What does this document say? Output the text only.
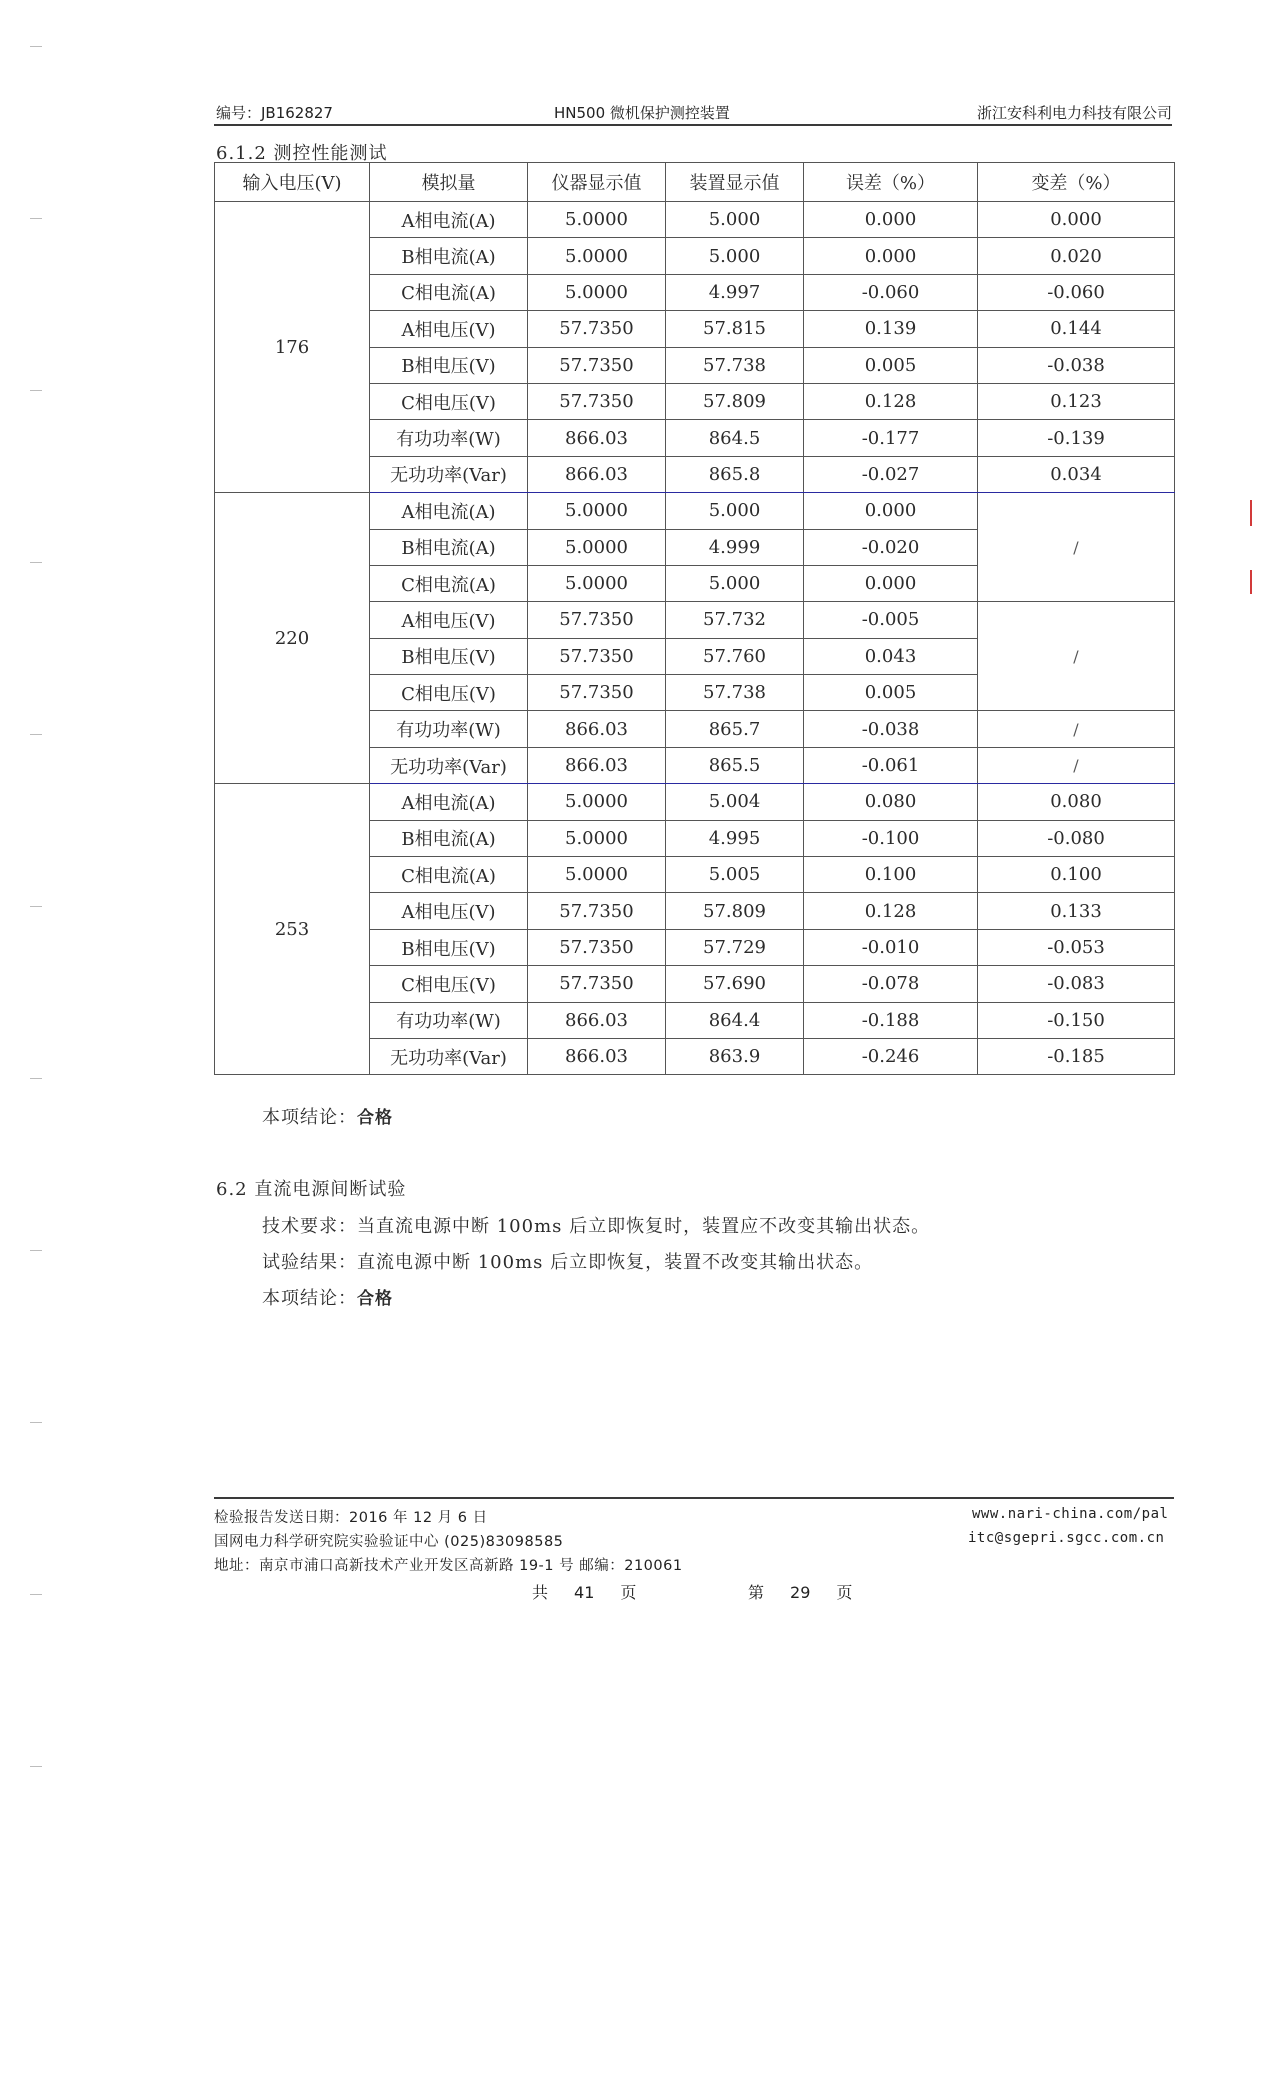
编号：JB162827	HN500 微机保护测控装置	浙江安科利电力科技有限公司
6.1.2 测控性能测试
输入电压(V)	模拟量	仪器显示值	装置显示值	误差（%）	变差（%）
176	A相电流(A)	5.0000	5.000	0.000	0.000
	B相电流(A)	5.0000	5.000	0.000	0.020
	C相电流(A)	5.0000	4.997	-0.060	-0.060
	A相电压(V)	57.7350	57.815	0.139	0.144
	B相电压(V)	57.7350	57.738	0.005	-0.038
	C相电压(V)	57.7350	57.809	0.128	0.123
	有功功率(W)	866.03	864.5	-0.177	-0.139
	无功功率(Var)	866.03	865.8	-0.027	0.034
220	A相电流(A)	5.0000	5.000	0.000	/
	B相电流(A)	5.0000	4.999	-0.020	
	C相电流(A)	5.0000	5.000	0.000	
	A相电压(V)	57.7350	57.732	-0.005	/
	B相电压(V)	57.7350	57.760	0.043	
	C相电压(V)	57.7350	57.738	0.005	
	有功功率(W)	866.03	865.7	-0.038	/
	无功功率(Var)	866.03	865.5	-0.061	/
253	A相电流(A)	5.0000	5.004	0.080	0.080
	B相电流(A)	5.0000	4.995	-0.100	-0.080
	C相电流(A)	5.0000	5.005	0.100	0.100
	A相电压(V)	57.7350	57.809	0.128	0.133
	B相电压(V)	57.7350	57.729	-0.010	-0.053
	C相电压(V)	57.7350	57.690	-0.078	-0.083
	有功功率(W)	866.03	864.4	-0.188	-0.150
	无功功率(Var)	866.03	863.9	-0.246	-0.185
本项结论：合格
6.2 直流电源间断试验
技术要求：当直流电源中断 100ms 后立即恢复时，装置应不改变其输出状态。
试验结果：直流电源中断 100ms 后立即恢复，装置不改变其输出状态。
本项结论：合格
检验报告发送日期：2016 年 12 月 6 日
国网电力科学研究院实验验证中心 (025)83098585
地址：南京市浦口高新技术产业开发区高新路 19-1 号 邮编：210061
www.nari-china.com/pal
itc@sgepri.sgcc.com.cn
共 41 页	第 29 页
